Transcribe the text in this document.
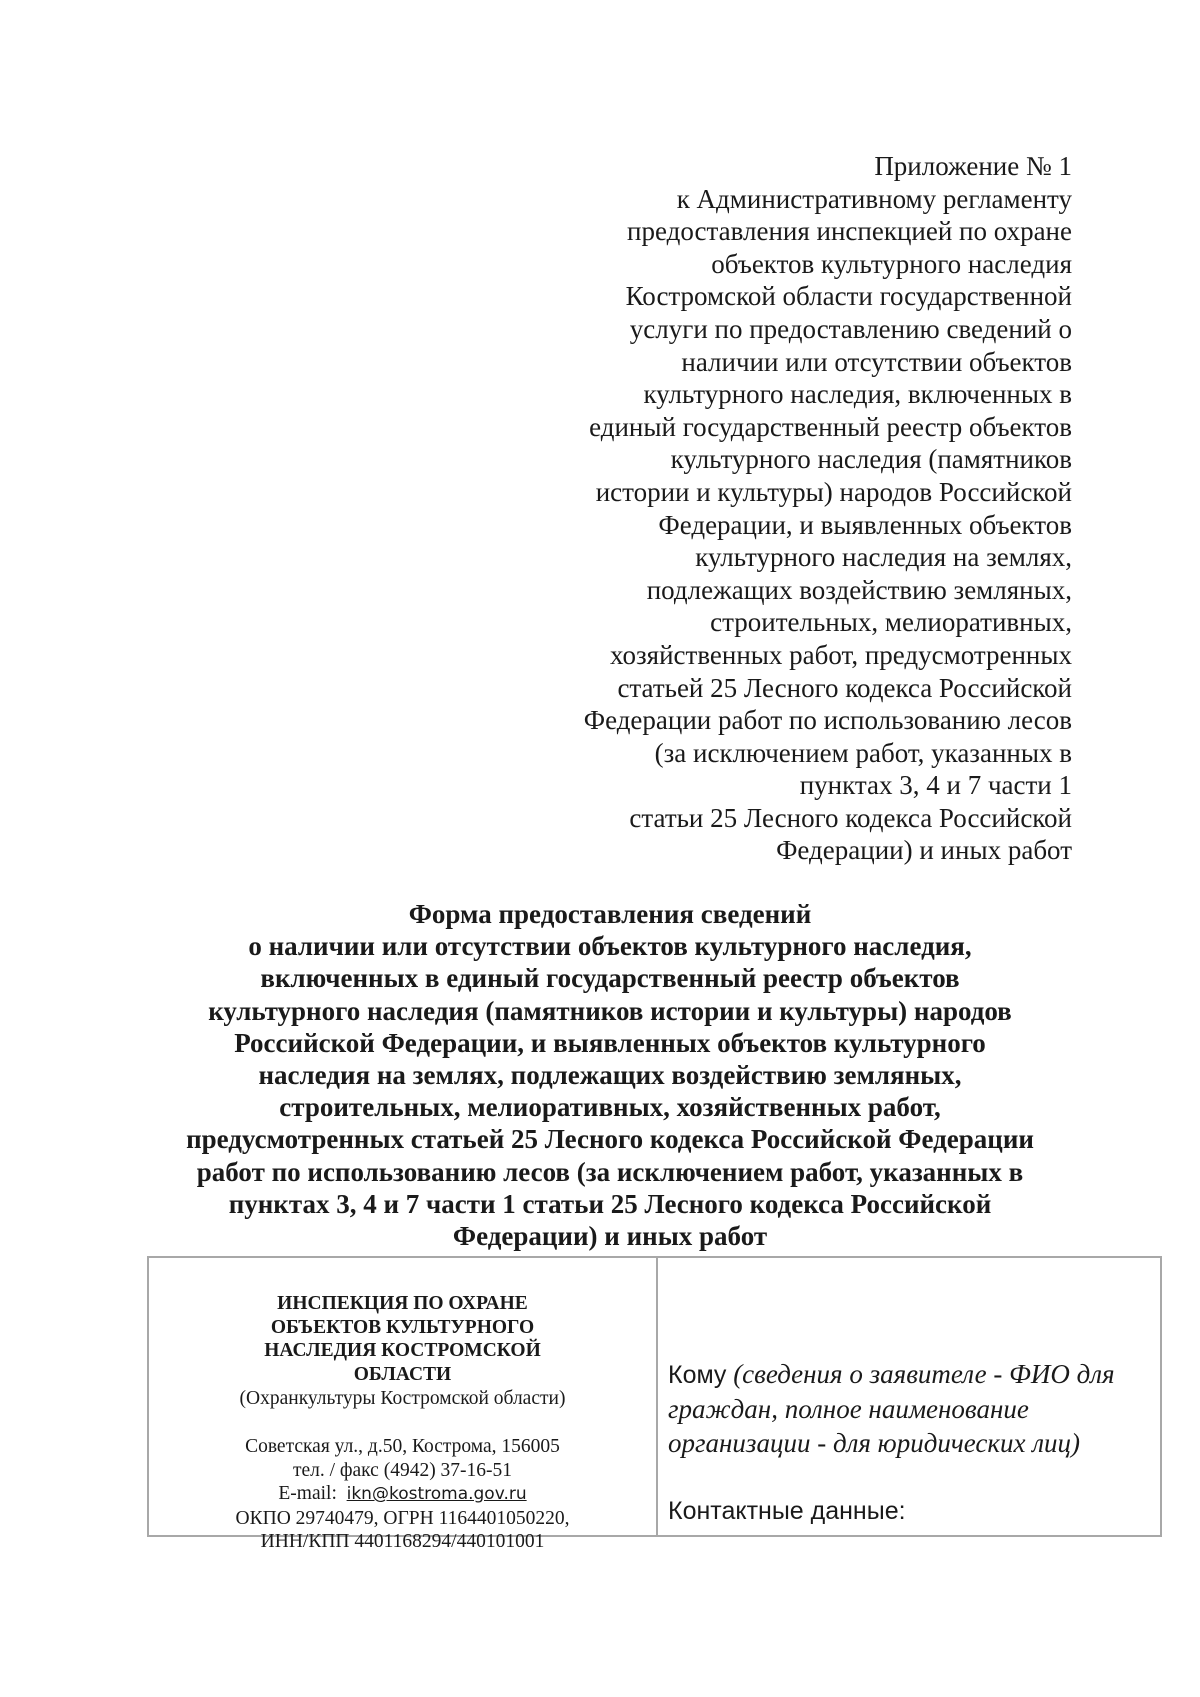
Приложение № 1
к Административному регламенту
предоставления инспекцией по охране
объектов культурного наследия
Костромской области государственной
услуги по предоставлению сведений о
наличии или отсутствии объектов
культурного наследия, включенных в
единый государственный реестр объектов
культурного наследия (памятников
истории и культуры) народов Российской
Федерации, и выявленных объектов
культурного наследия на землях,
подлежащих воздействию земляных,
строительных, мелиоративных,
хозяйственных работ, предусмотренных
статьей 25 Лесного кодекса Российской
Федерации работ по использованию лесов
(за исключением работ, указанных в
пунктах 3, 4 и 7 части 1
статьи 25 Лесного кодекса Российской
Федерации) и иных работ
Форма предоставления сведений
о наличии или отсутствии объектов культурного наследия,
включенных в единый государственный реестр объектов
культурного наследия (памятников истории и культуры) народов
Российской Федерации, и выявленных объектов культурного
наследия на землях, подлежащих воздействию земляных,
строительных, мелиоративных, хозяйственных работ,
предусмотренных статьей 25 Лесного кодекса Российской Федерации
работ по использованию лесов (за исключением работ, указанных в
пунктах 3, 4 и 7 части 1 статьи 25 Лесного кодекса Российской
Федерации) и иных работ
ИНСПЕКЦИЯ ПО ОХРАНЕ
ОБЪЕКТОВ КУЛЬТУРНОГО
НАСЛЕДИЯ КОСТРОМСКОЙ
ОБЛАСТИ
(Охранкультуры Костромской области)
Советская ул., д.50, Кострома, 156005
тел. / факс (4942) 37-16-51
E-mail: ikn@kostroma.gov.ru
ОКПО 29740479, ОГРН 1164401050220,
ИНН/КПП 4401168294/440101001
Кому (сведения о заявителе - ФИО для граждан, полное наименование организации - для юридических лиц)
Контактные данные:
